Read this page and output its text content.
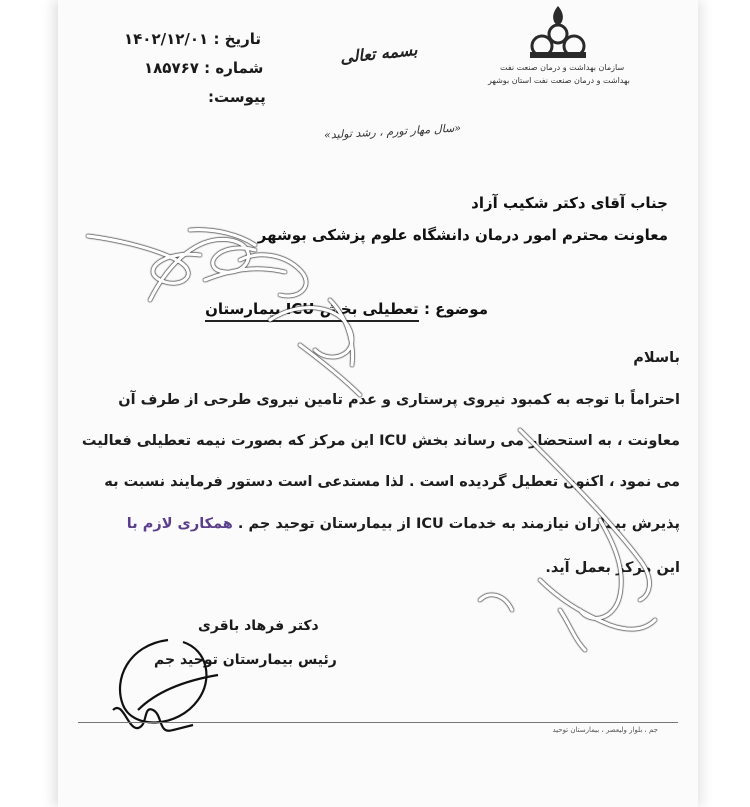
سازمان بهداشت و درمان صنعت نفت
بهداشت و درمان صنعت نفت استان بوشهر
بسمه تعالی
تاریخ : ۱۴۰۲/۱۲/۰۱
شماره : ۱۸۵۷۶۷
پیوست:
«سال مهار تورم ، رشد تولید»
جناب آقای دکتر شکیب آزاد
معاونت محترم امور درمان دانشگاه علوم پزشکی بوشهر
موضوع : تعطیلی بخش ICU بیمارستان
باسلام
احتراماً با توجه به کمبود نیروی پرستاری و عدم تامین نیروی طرحی از طرف آن
معاونت ، به استحضار می رساند بخش ICU این مرکز که بصورت نیمه تعطیلی فعالیت
می نمود ، اکنون تعطیل گردیده است . لذا مستدعی است دستور فرمایند نسبت به
پذیرش بیماران نیازمند به خدمات ICU از بیمارستان توحید جم . همکاری لازم با
این مرکز بعمل آید.
دکتر فرهاد باقری
رئیس بیمارستان توحید جم
جم ، بلوار ولیعصر ، بیمارستان توحید
